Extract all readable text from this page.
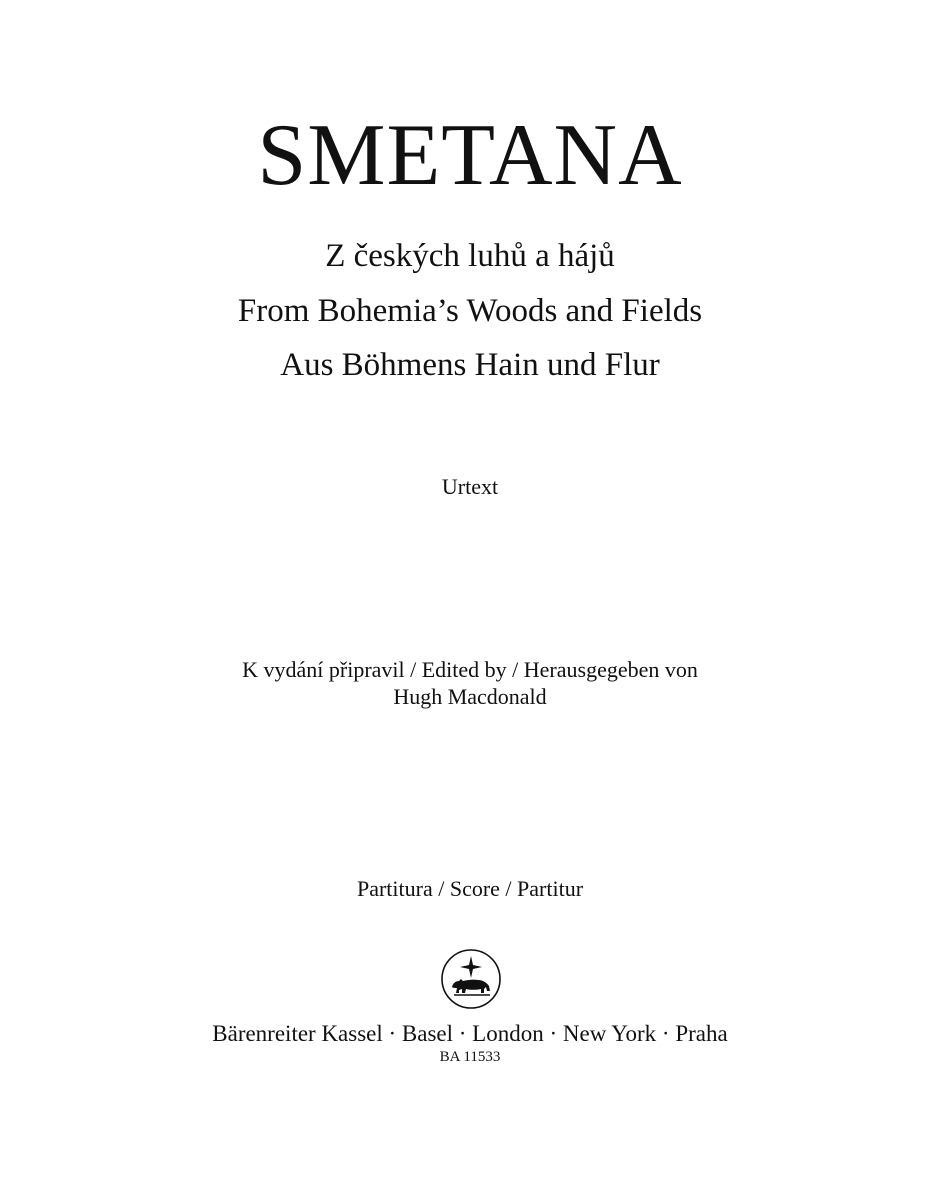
SMETANA
Z českých luhů a hájů
From Bohemia’s Woods and Fields
Aus Böhmens Hain und Flur
Urtext
K vydání připravil / Edited by / Herausgegeben von
Hugh Macdonald
Partitura / Score / Partitur
Bärenreiter Kassel · Basel · London · New York · Praha
BA 11533
